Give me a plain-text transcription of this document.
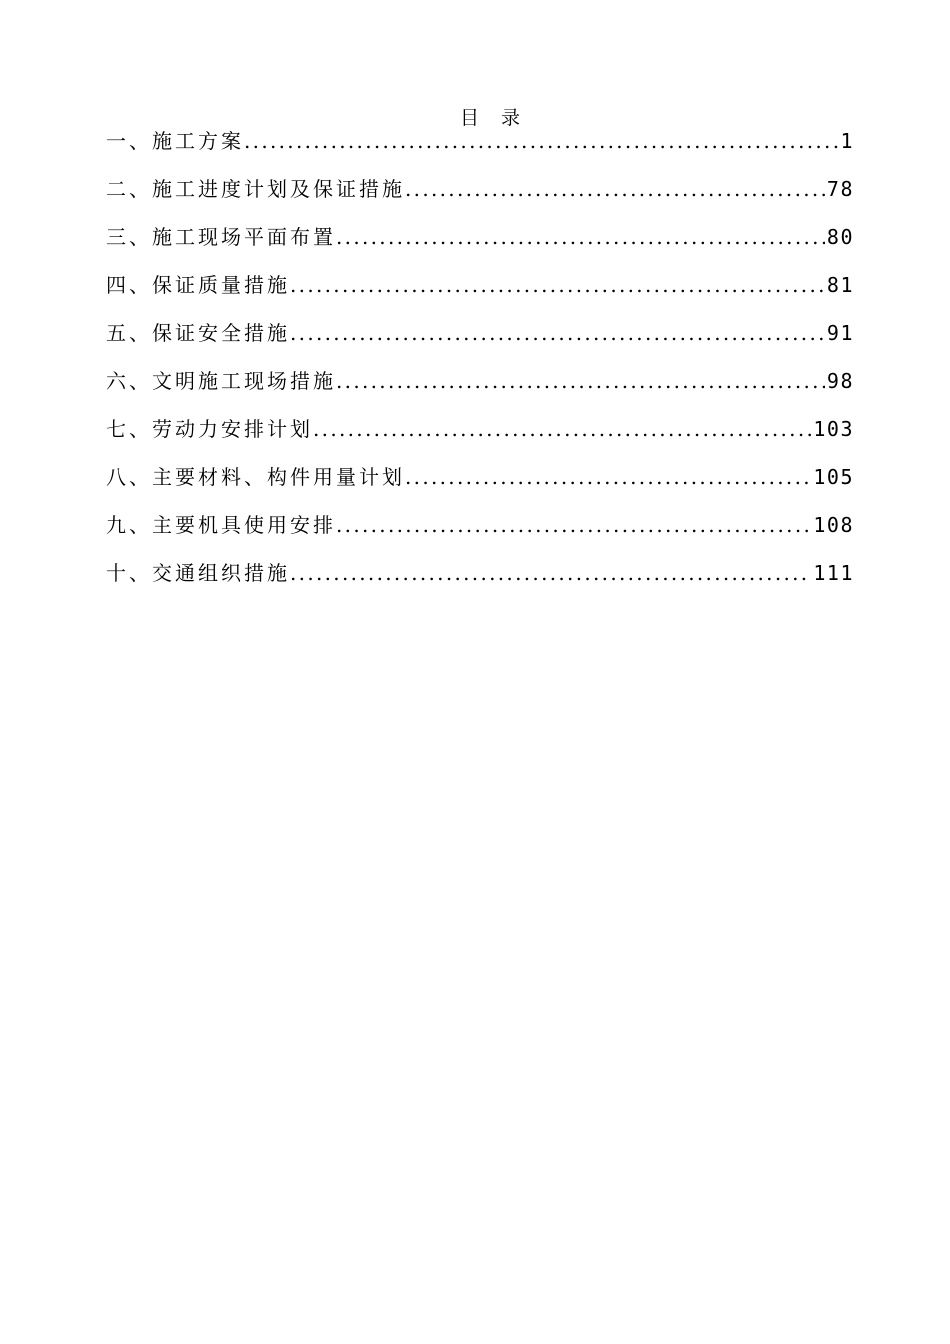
目 录
一、 施工方案 .....	1
二、 施工进度计划及保证措施 .....	78
三、 施工现场平面布置 .....	80
四、 保证质量措施 .....	81
五、 保证安全措施 .....	91
六、 文明施工现场措施 .....	98
七、 劳动力安排计划 .....	103
八、 主要材料、构件用量计划 .....	105
九、 主要机具使用安排 .....	108
十、 交通组织措施 .....	111
